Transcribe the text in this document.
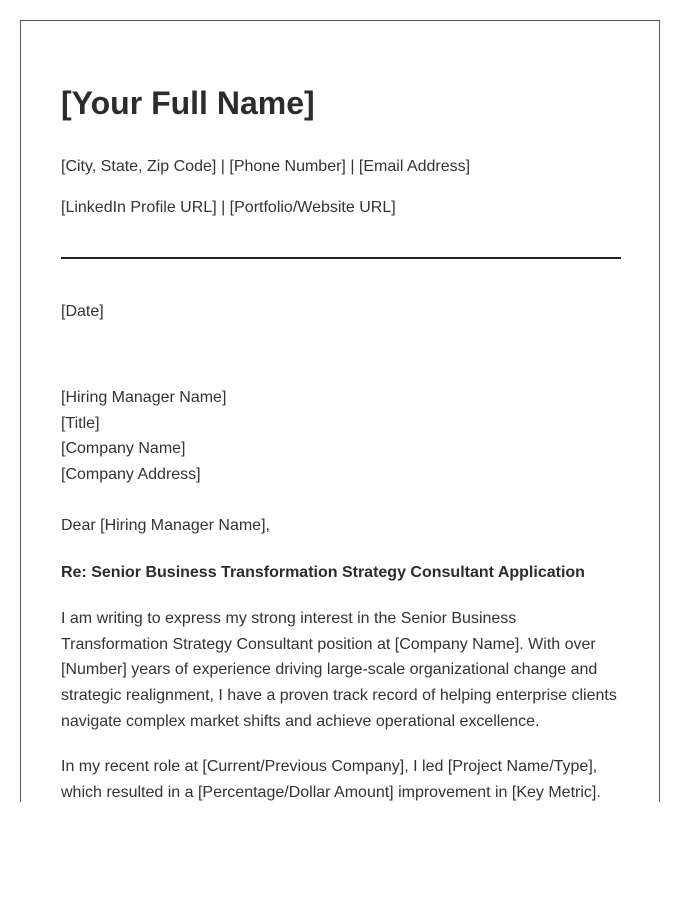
[Your Full Name]
[City, State, Zip Code] | [Phone Number] | [Email Address]
[LinkedIn Profile URL] | [Portfolio/Website URL]
[Date]
[Hiring Manager Name]
[Title]
[Company Name]
[Company Address]
Dear [Hiring Manager Name],
Re: Senior Business Transformation Strategy Consultant Application

I am writing to express my strong interest in the Senior Business Transformation Strategy Consultant position at [Company Name]. With over [Number] years of experience driving large-scale organizational change and strategic realignment, I have a proven track record of helping enterprise clients navigate complex market shifts and achieve operational excellence.

In my recent role at [Current/Previous Company], I led [Project Name/Type], which resulted in a [Percentage/Dollar Amount] improvement in [Key Metric].
